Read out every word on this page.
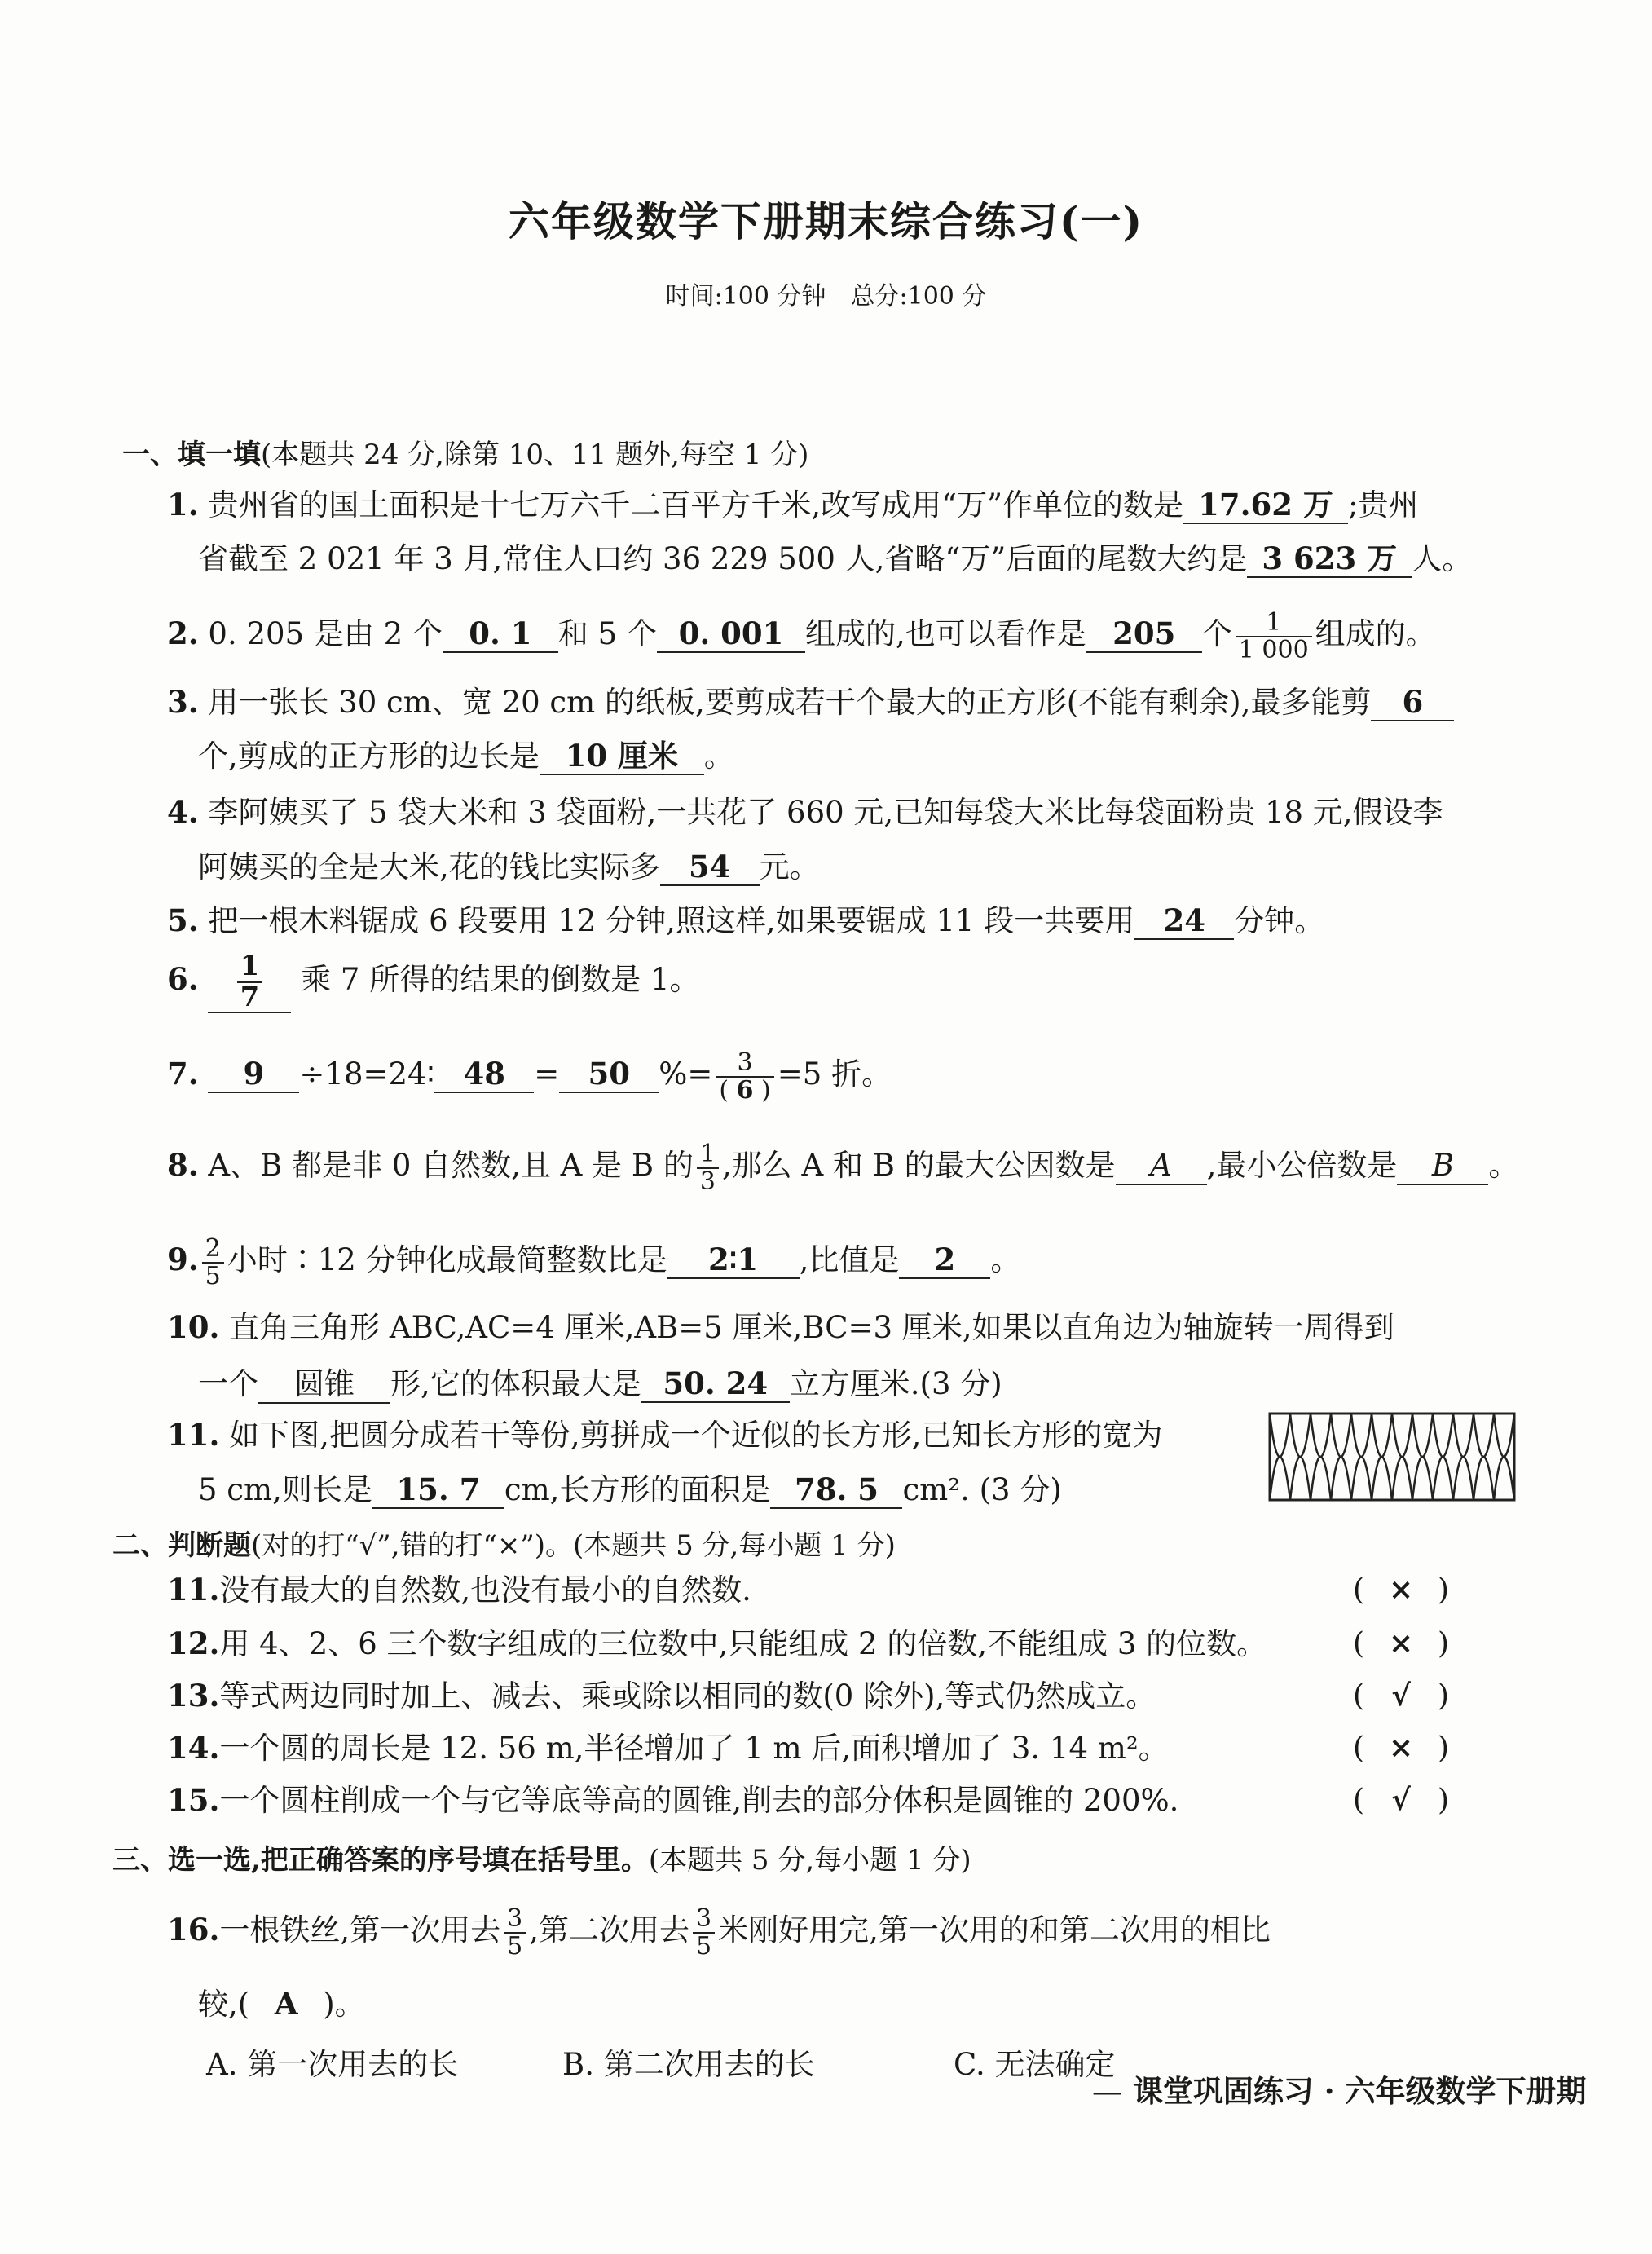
六年级数学下册期末综合练习(一)
时间:100 分钟　总分:100 分
一、填一填(本题共 24 分,除第 10、11 题外,每空 1 分)
1. 贵州省的国土面积是十七万六千二百平方千米,改写成用“万”作单位的数是 17.62 万 ;贵州
省截至 2 021 年 3 月,常住人口约 36 229 500 人,省略“万”后面的尾数大约是 3 623 万 人。
2. 0. 205 是由 2 个 0. 1 和 5 个 0. 001 组成的,也可以看作是 205 个 $\frac{1}{1 000}$ 组成的。
3. 用一张长 30 cm、宽 20 cm 的纸板,要剪成若干个最大的正方形(不能有剩余),最多能剪 6
个,剪成的正方形的边长是 10 厘米 。
4. 李阿姨买了 5 袋大米和 3 袋面粉,一共花了 660 元,已知每袋大米比每袋面粉贵 18 元,假设李
阿姨买的全是大米,花的钱比实际多 54 元。
5. 把一根木料锯成 6 段要用 12 分钟,照这样,如果要锯成 11 段一共要用 24 分钟。
6. $\frac{1}{7}$ 乘 7 所得的结果的倒数是 1。
7. 9 ÷18=24∶ 48 = 50 %= $\frac{3}{( 6 )} =5$ 折。
8. A、B 都是非 0 自然数,且 A 是 B 的 $\frac{1}{3}$ ,那么 A 和 B 的最大公因数是 A ,最小公倍数是 B 。
9. $\frac{2}{5}$ 小时∶12 分钟化成最简整数比是 2∶1 ,比值是 2 。
10. 直角三角形 ABC,AC=4 厘米,AB=5 厘米,BC=3 厘米,如果以直角边为轴旋转一周得到
一个 圆锥 形,它的体积最大是 50. 24 立方厘米.(3 分)
11. 如下图,把圆分成若干等份,剪拼成一个近似的长方形,已知长方形的宽为
5 cm,则长是 15. 7 cm,长方形的面积是 78. 5 cm². (3 分)
二、判断题(对的打“√”,错的打“×”)。(本题共 5 分,每小题 1 分)
11.没有最大的自然数,也没有最小的自然数.	( × )
12.用 4、2、6 三个数字组成的三位数中,只能组成 2 的倍数,不能组成 3 的位数。	( × )
13.等式两边同时加上、减去、乘或除以相同的数(0 除外),等式仍然成立。	( √ )
14.一个圆的周长是 12. 56 m,半径增加了 1 m 后,面积增加了 3. 14 m²。	( × )
15.一个圆柱削成一个与它等底等高的圆锥,削去的部分体积是圆锥的 200%.	( √ )
三、选一选,把正确答案的序号填在括号里。(本题共 5 分,每小题 1 分)
16.一根铁丝,第一次用去 $\frac{3}{5}$ ,第二次用去 $\frac{3}{5}$ 米刚好用完,第一次用的和第二次用的相比
较,( A )。
A. 第一次用去的长	B. 第二次用去的长	C. 无法确定
— 课堂巩固练习 · 六年级数学下册期
